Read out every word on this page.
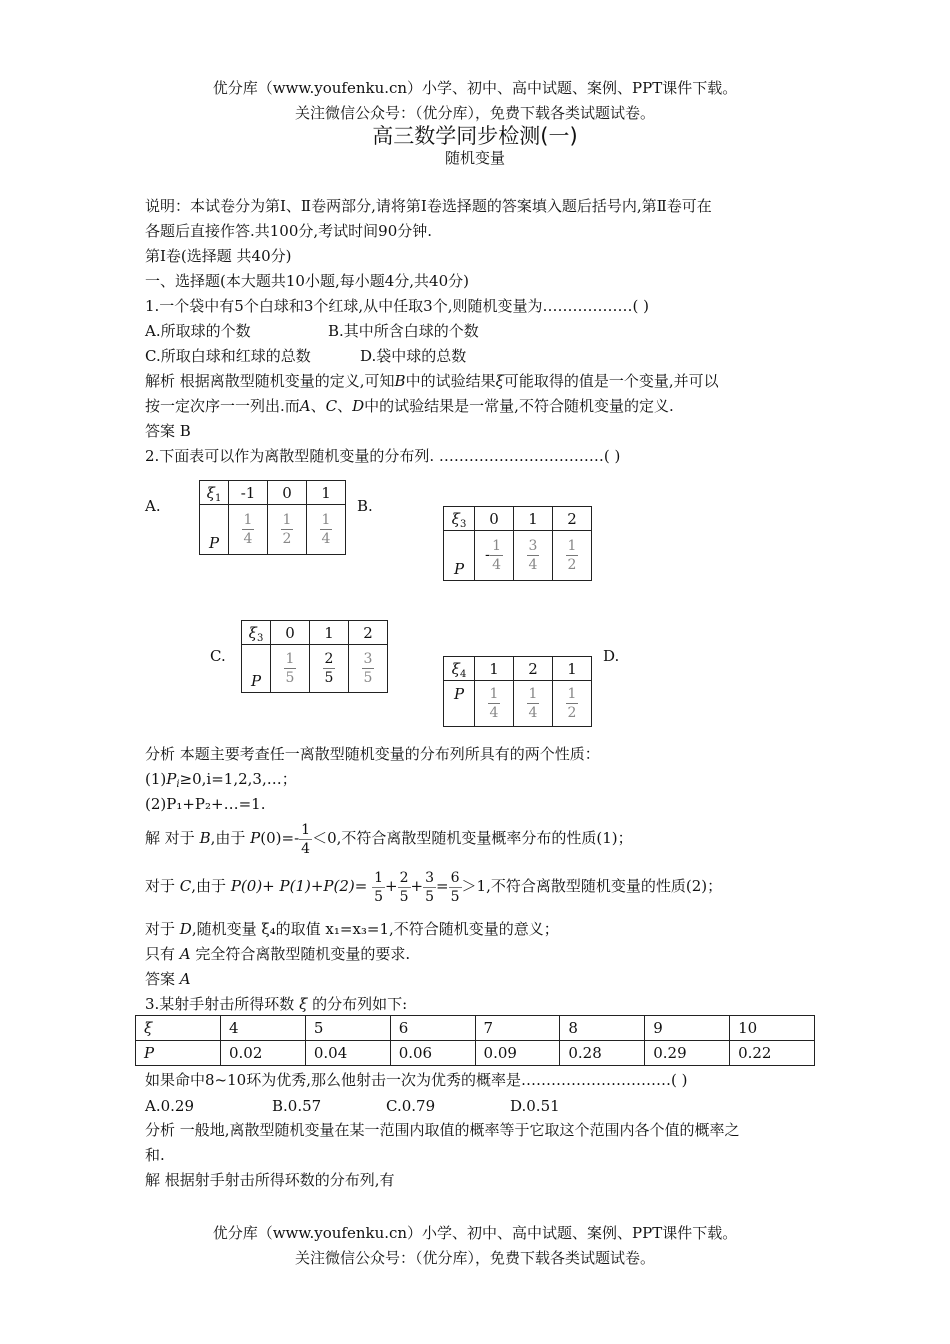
优分库（www.youfenku.cn）小学、初中、高中试题、案例、PPT课件下载。
关注微信公众号：（优分库），免费下载各类试题试卷。
高三数学同步检测(一)
随机变量
说明：本试卷分为第Ⅰ、Ⅱ卷两部分,请将第Ⅰ卷选择题的答案填入题后括号内,第Ⅱ卷可在
各题后直接作答.共100分,考试时间90分钟.
第Ⅰ卷(选择题 共40分)
一、选择题(本大题共10小题,每小题4分,共40分)
1.一个袋中有5个白球和3个红球,从中任取3个,则随机变量为………………( )
A.所取球的个数	B.其中所含白球的个数
C.所取白球和红球的总数	D.袋中球的总数
解析 根据离散型随机变量的定义,可知B中的试验结果ξ可能取得的值是一个变量,并可以
按一定次序一一列出.而A、C、D中的试验结果是一常量,不符合随机变量的定义.
答案 B
2.下面表可以作为离散型随机变量的分布列. ……………………………( )
A.
$\xi_1$	-1	0	1
P	$\frac{1}{4}$	$\frac{1}{2}$	$\frac{1}{4}$
B.
$\xi_3$	0	1	2
P	- $\frac{1}{4}$	$\frac{3}{4}$	$\frac{1}{2}$
C.
$\xi_3$	0	1	2
P	$\frac{1}{5}$	$\frac{2}{5}$	$\frac{3}{5}$	D.
$\xi_4$	1	2	1
P	$\frac{1}{4}$	$\frac{1}{4}$	$\frac{1}{2}$
分析 本题主要考查任一离散型随机变量的分布列所具有的两个性质：
$(1)P_i\ge 0,i=1,2,3,\dots$；
(2)P₁+P₂+…=1.
解 对于 B,由于 $P(0)=- \frac{1}{4} <0$,不符合离散型随机变量概率分布的性质(1)；
对于 C,由于 $P(0)+ P(1)+P(2)= \frac{1}{5} + \frac{2}{5} + \frac{3}{5} = \frac{6}{5} >1$,不符合离散型随机变量的性质(2)；
对于 D,随机变量 ξ₄的取值 x₁=x₃=1,不符合随机变量的意义；
只有 A 完全符合离散型随机变量的要求.
答案 A
3.某射手射击所得环数 ξ 的分布列如下:
ξ	4	5	6	7	8	9	10
P	0.02	0.04	0.06	0.09	0.28	0.29	0.22
如果命中8~10环为优秀,那么他射击一次为优秀的概率是…………………………( )
A.0.29	B.0.57	C.0.79	D.0.51
分析 一般地,离散型随机变量在某一范围内取值的概率等于它取这个范围内各个值的概率之
和.
解 根据射手射击所得环数的分布列,有
优分库（www.youfenku.cn）小学、初中、高中试题、案例、PPT课件下载。
关注微信公众号：（优分库），免费下载各类试题试卷。
